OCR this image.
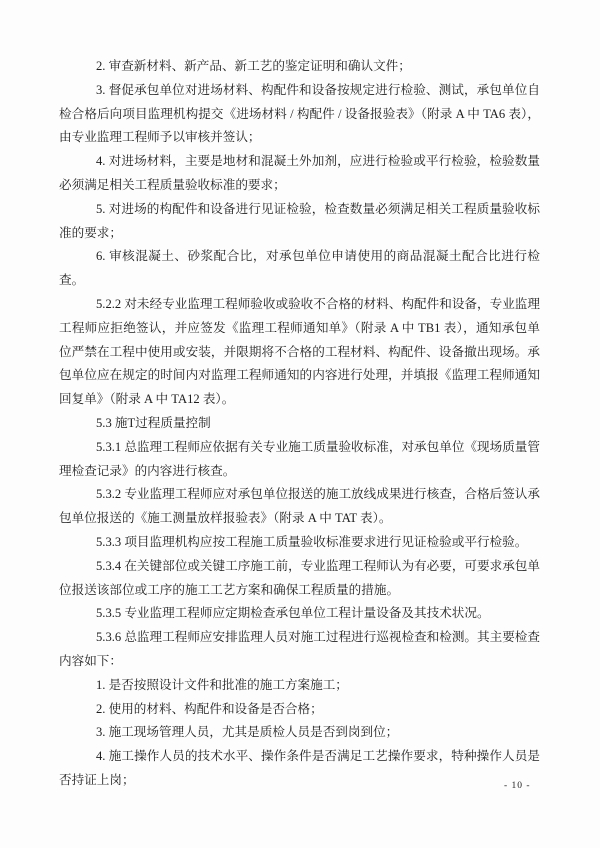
2. 审查新材料、新产品、新工艺的鉴定证明和确认文件；

3. 督促承包单位对进场材料、构配件和设备按规定进行检验、测试，承包单位自检合格后向项目监理机构提交《进场材料 / 构配件 / 设备报验表》（附录 A 中 TA6 表），由专业监理工程师予以审核并签认；

4. 对进场材料，主要是地材和混凝土外加剂，应进行检验或平行检验，检验数量必须满足相关工程质量验收标准的要求；

5. 对进场的构配件和设备进行见证检验，检查数量必须满足相关工程质量验收标准的要求；

6. 审核混凝土、砂浆配合比，对承包单位申请使用的商品混凝土配合比进行检查。

5.2.2 对未经专业监理工程师验收或验收不合格的材料、构配件和设备，专业监理工程师应拒绝签认，并应签发《监理工程师通知单》（附录 A 中 TB1 表），通知承包单位严禁在工程中使用或安装，并限期将不合格的工程材料、构配件、设备撤出现场。承包单位应在规定的时间内对监理工程师通知的内容进行处理，并填报《监理工程师通知回复单》（附录 A 中 TA12 表）。

5.3 施T过程质量控制

5.3.1 总监理工程师应依据有关专业施工质量验收标准，对承包单位《现场质量管理检查记录》的内容进行核查。

5.3.2 专业监理工程师应对承包单位报送的施工放线成果进行核查，合格后签认承包单位报送的《施工测量放样报验表》（附录 A 中 TAT 表）。

5.3.3 项目监理机构应按工程施工质量验收标准要求进行见证检验或平行检验。

5.3.4 在关键部位或关键工序施工前，专业监理工程师认为有必要，可要求承包单位报送该部位或工序的施工工艺方案和确保工程质量的措施。

5.3.5 专业监理工程师应定期检查承包单位工程计量设备及其技术状况。

5.3.6 总监理工程师应安排监理人员对施工过程进行巡视检查和检测。其主要检查内容如下：

1. 是否按照设计文件和批准的施工方案施工；

2. 使用的材料、构配件和设备是否合格；

3. 施工现场管理人员，尤其是质检人员是否到岗到位；

4. 施工操作人员的技术水平、操作条件是否满足工艺操作要求，特种操作人员是否持证上岗；	- 10 -
